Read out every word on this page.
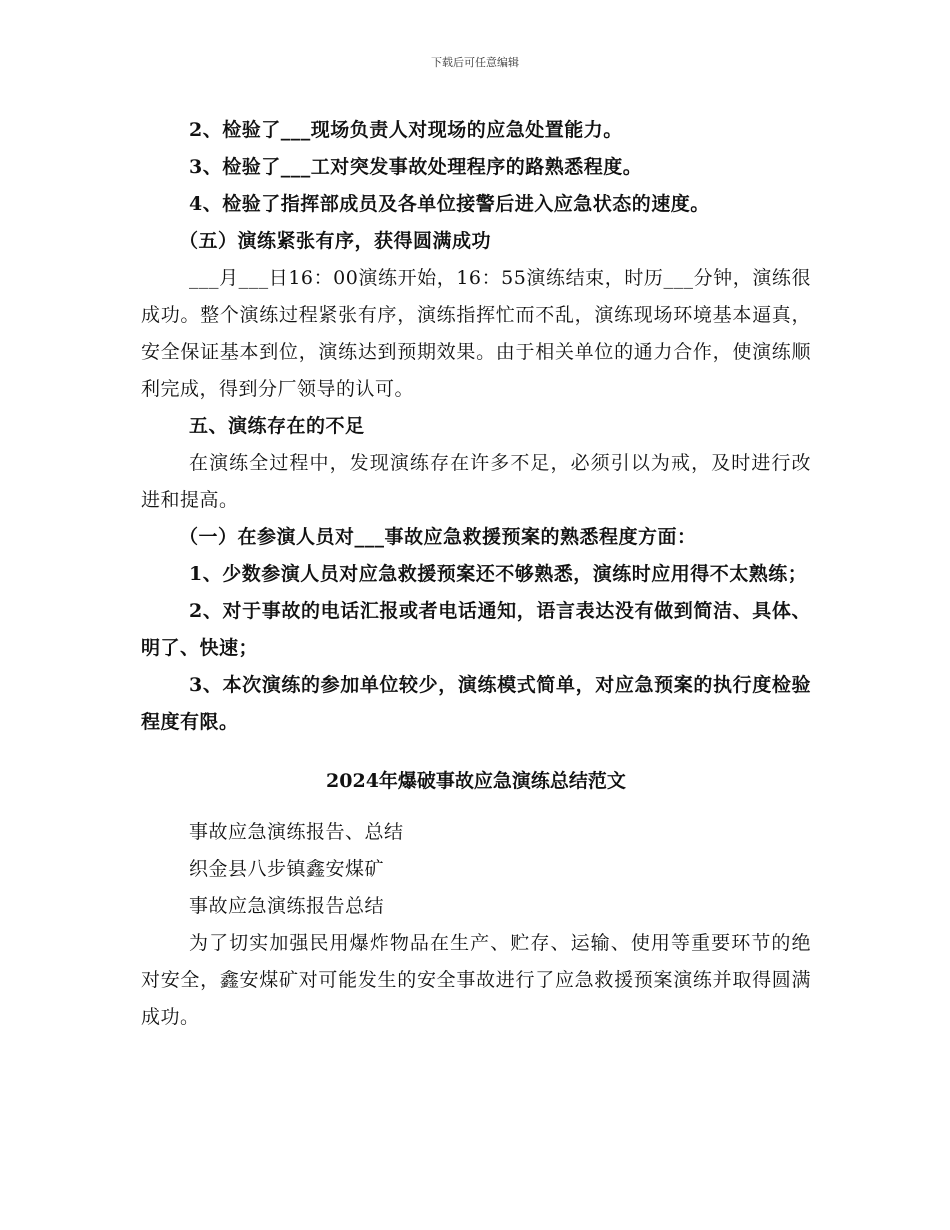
下载后可任意编辑

2、检验了___现场负责人对现场的应急处置能力。

3、检验了___工对突发事故处理程序的路熟悉程度。

4、检验了指挥部成员及各单位接警后进入应急状态的速度。

（五）演练紧张有序，获得圆满成功

___月___日16：00演练开始，16：55演练结束，时历___分钟，演练很成功。整个演练过程紧张有序，演练指挥忙而不乱，演练现场环境基本逼真，安全保证基本到位，演练达到预期效果。由于相关单位的通力合作，使演练顺利完成，得到分厂领导的认可。

五、演练存在的不足

在演练全过程中，发现演练存在许多不足，必须引以为戒，及时进行改进和提高。

（一）在参演人员对___事故应急救援预案的熟悉程度方面：

1、少数参演人员对应急救援预案还不够熟悉，演练时应用得不太熟练；

2、对于事故的电话汇报或者电话通知，语言表达没有做到简洁、具体、明了、快速；

3、本次演练的参加单位较少，演练模式简单，对应急预案的执行度检验程度有限。

2024年爆破事故应急演练总结范文

事故应急演练报告、总结

织金县八步镇鑫安煤矿

事故应急演练报告总结

为了切实加强民用爆炸物品在生产、贮存、运输、使用等重要环节的绝对安全，鑫安煤矿对可能发生的安全事故进行了应急救援预案演练并取得圆满成功。
